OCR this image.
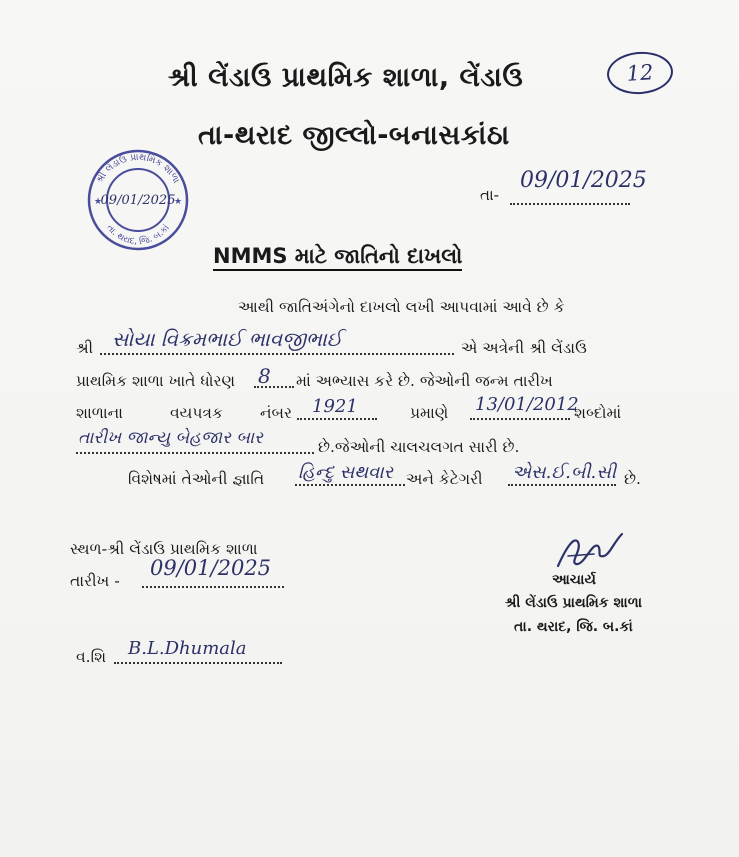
શ્રી લેંડાઉ પ્રાથમિક શાળા, લેંડાઉ	12
તા-થરાદ જીલ્લો-બનાસકાંઠા
શ્રી લેંડાઉ પ્રાથમિક શાળા
તા. થરાદ, જિ. બ.કાં
09/01/2025
★	★	તા-
09/01/2025
NMMS માટે જાતિનો દાખલો
આથી જાતિઅંગેનો દાખલો લખી આપવામાં આવે છે કે
શ્રી સોયા વિક્રમભાઈ ભાવજીભાઈ	એ અત્રેની શ્રી લેંડાઉ
પ્રાથમિક શાળા ખાતે ધોરણ 8 માં અભ્યાસ કરે છે. જેઓની જન્મ તારીખ
શાળાના	વયપત્રક નંબર 1921	પ્રમાણે 13/01/2012
શબ્દોમાં
તારીખ જાન્યુ બેહજાર બાર	છે.જેઓની ચાલચલગત સારી છે.
વિશેષમાં તેઓની જ્ઞાતિ હિન્દુ સથવાર અને કેટેગરી એસ.ઈ.બી.સી છે.
સ્થળ-શ્રી લેંડાઉ પ્રાથમિક શાળા
તારીખ -
09/01/2025
વ.શિ B.L.Dhumala
આચાર્ય
શ્રી લેંડાઉ પ્રાથમિક શાળા
તા. થરાદ, જિ. બ.કાં
